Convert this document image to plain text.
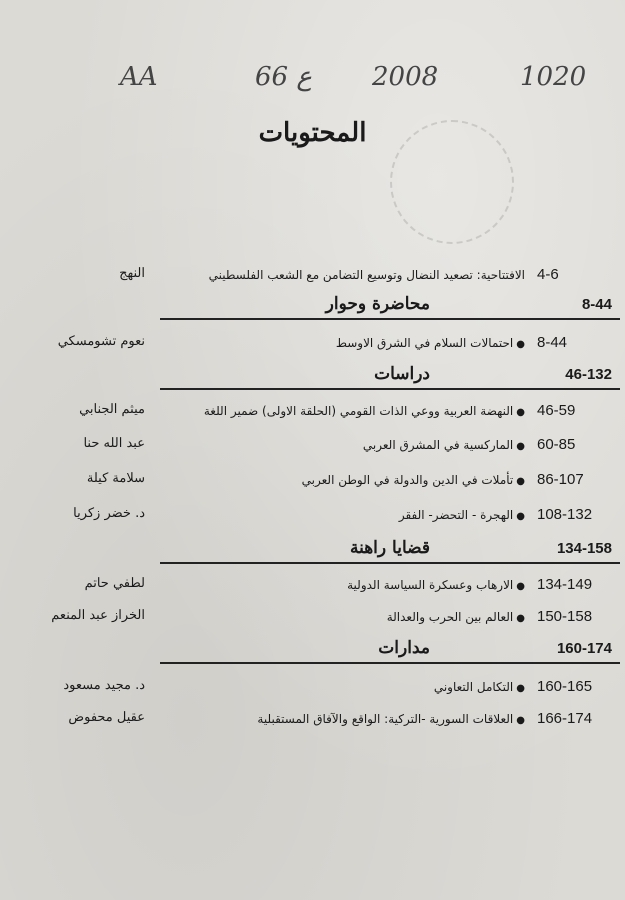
AA	66 ع 2008	1020
المحتويات
4-6
الافتتاحية: تصعيد النضال وتوسيع التضامن مع الشعب الفلسطيني
النهج
8-44
محاضرة وحوار
8-44
●احتمالات السلام في الشرق الاوسط
نعوم تشومسكي
46-132
دراسات
46-59
●النهضة العربية ووعي الذات القومي (الحلقة الاولى) ضمير اللغة
ميثم الجنابي
60-85
●الماركسية في المشرق العربي
عبد الله حنا
86-107
●تأملات في الدين والدولة في الوطن العربي
سلامة كيلة
108-132
●الهجرة - التحضر- الفقر
د. خضر زكريا
134-158
قضايا راهنة
134-149
●الارهاب وعسكرة السياسة الدولية
لطفي حاتم
150-158
●العالم بين الحرب والعدالة
الخراز عبد المنعم
160-174
مدارات
160-165
●التكامل التعاوني
د. مجيد مسعود
166-174
●العلاقات السورية -التركية: الواقع والآفاق المستقبلية
عقيل محفوض
